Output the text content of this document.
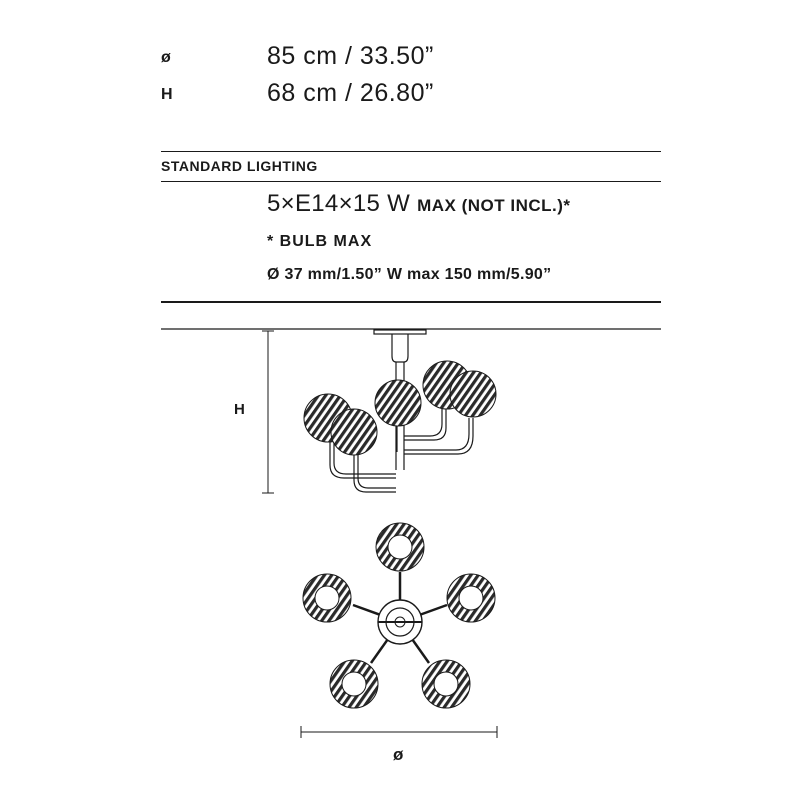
ø	85 cm / 33.50”
H	68 cm / 26.80”
STANDARD LIGHTING
5×E14×15 W MAX (NOT INCL.)*
* BULB MAX
Ø 37 mm/1.50” W max 150 mm/5.90”
H
ø
